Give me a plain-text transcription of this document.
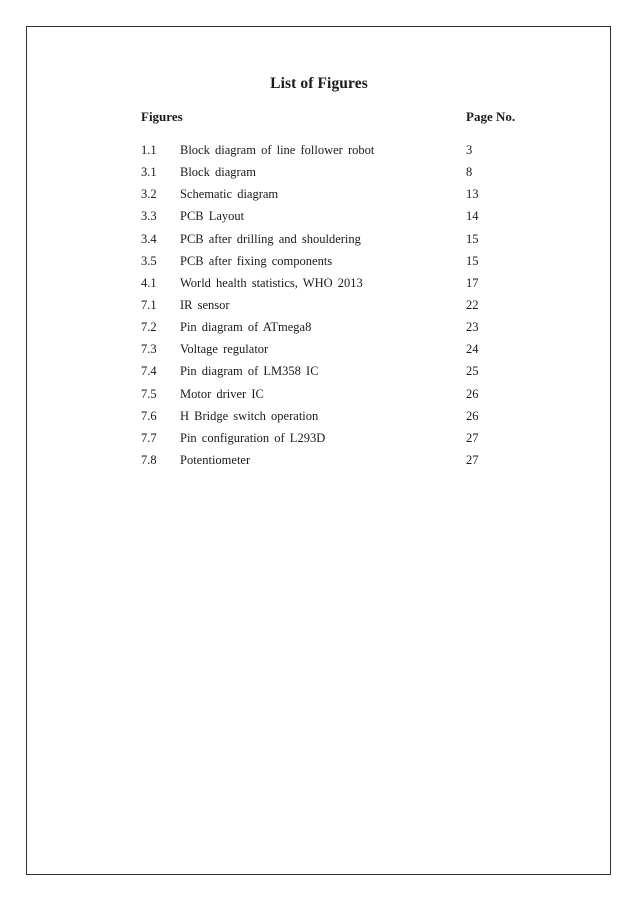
List of Figures
Figures	Page No.
1.1 Block diagram of line follower robot	3
3.1 Block diagram	8
3.2 Schematic diagram	13
3.3 PCB Layout	14
3.4 PCB after drilling and shouldering	15
3.5 PCB after fixing components	15
4.1 World health statistics, WHO 2013	17
7.1 IR sensor	22
7.2 Pin diagram of ATmega8	23
7.3 Voltage regulator	24
7.4 Pin diagram of LM358 IC	25
7.5 Motor driver IC	26
7.6 H Bridge switch operation	26
7.7 Pin configuration of L293D	27
7.8 Potentiometer	27
